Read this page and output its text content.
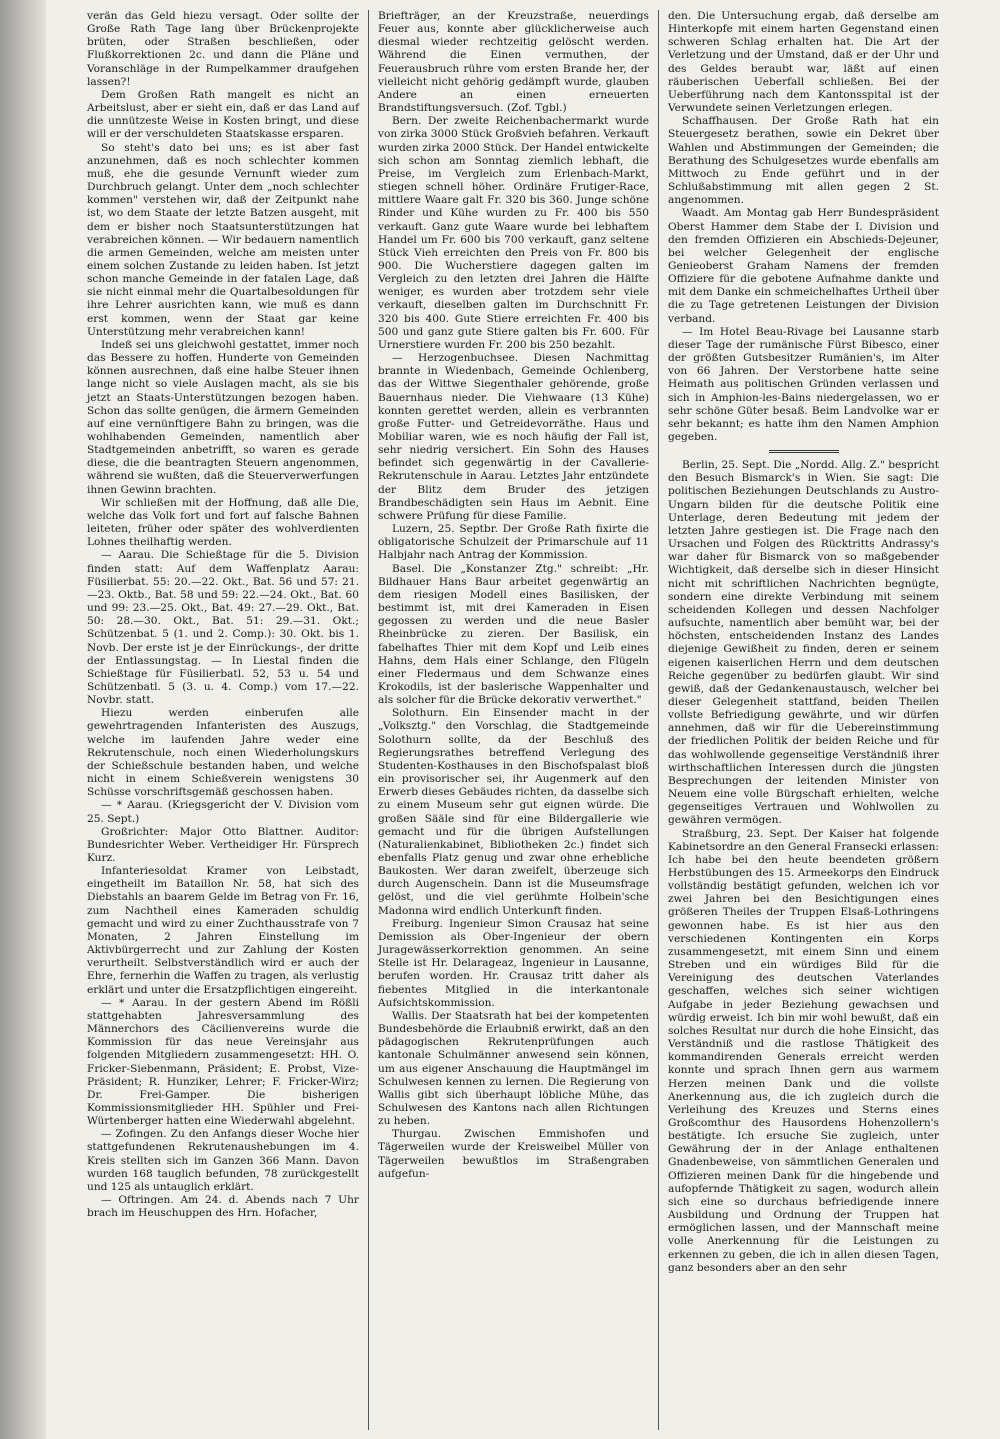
verän das Geld hiezu versagt. Oder sollte der Große Rath Tage lang über Brückenprojekte brüten, oder Straßen beschließen, oder Flußkorrektionen 2c. und dann die Pläne und Voranschläge in der Rumpelkammer draufgehen lassen?!

Dem Großen Rath mangelt es nicht an Arbeitslust, aber er sieht ein, daß er das Land auf die unnützeste Weise in Kosten bringt, und diese will er der verschuldeten Staatskasse ersparen.

So steht's dato bei uns; es ist aber fast anzunehmen, daß es noch schlechter kommen muß, ehe die gesunde Vernunft wieder zum Durchbruch gelangt. Unter dem „noch schlechter kommen" verstehen wir, daß der Zeitpunkt nahe ist, wo dem Staate der letzte Batzen ausgeht, mit dem er bisher noch Staatsunterstützungen hat verabreichen können. — Wir bedauern namentlich die armen Gemeinden, welche am meisten unter einem solchen Zustande zu leiden haben. Ist jetzt schon manche Gemeinde in der fatalen Lage, daß sie nicht einmal mehr die Quartalbesoldungen für ihre Lehrer ausrichten kann, wie muß es dann erst kommen, wenn der Staat gar keine Unterstützung mehr verabreichen kann!

Indeß sei uns gleichwohl gestattet, immer noch das Bessere zu hoffen. Hunderte von Gemeinden können ausrechnen, daß eine halbe Steuer ihnen lange nicht so viele Auslagen macht, als sie bis jetzt an Staats-Unterstützungen bezogen haben. Schon das sollte genügen, die ärmern Gemeinden auf eine vernünftigere Bahn zu bringen, was die wohlhabenden Gemeinden, namentlich aber Stadtgemeinden anbetrifft, so waren es gerade diese, die die beantragten Steuern angenommen, während sie wußten, daß die Steuerverwerfungen ihnen Gewinn brachten.

Wir schließen mit der Hoffnung, daß alle Die, welche das Volk fort und fort auf falsche Bahnen leiteten, früher oder später des wohlverdienten Lohnes theilhaftig werden.

— Aarau. Die Schießtage für die 5. Division finden statt: Auf dem Waffenplatz Aarau: Füsilierbat. 55: 20.—22. Okt., Bat. 56 und 57: 21.—23. Oktb., Bat. 58 und 59: 22.—24. Okt., Bat. 60 und 99: 23.—25. Okt., Bat. 49: 27.—29. Okt., Bat. 50: 28.—30. Okt., Bat. 51: 29.—31. Okt.; Schützenbat. 5 (1. und 2. Comp.): 30. Okt. bis 1. Novb. Der erste ist je der Einrückungs-, der dritte der Entlassungstag. — In Liestal finden die Schießtage für Füsilierbatl. 52, 53 u. 54 und Schützenbatl. 5 (3. u. 4. Comp.) vom 17.—22. Novbr. statt.

Hiezu werden einberufen alle gewehrtragenden Infanteristen des Auszugs, welche im laufenden Jahre weder eine Rekrutenschule, noch einen Wiederholungskurs der Schießschule bestanden haben, und welche nicht in einem Schießverein wenigstens 30 Schüsse vorschriftsgemäß geschossen haben.

— * Aarau. (Kriegsgericht der V. Division vom 25. Sept.)

Großrichter: Major Otto Blattner. Auditor: Bundesrichter Weber. Vertheidiger Hr. Fürsprech Kurz.

Infanteriesoldat Kramer von Leibstadt, eingetheilt im Bataillon Nr. 58, hat sich des Diebstahls an baarem Gelde im Betrag von Fr. 16, zum Nachtheil eines Kameraden schuldig gemacht und wird zu einer Zuchthausstrafe von 7 Monaten, 2 Jahren Einstellung im Aktivbürgerrecht und zur Zahlung der Kosten verurtheilt. Selbstverständlich wird er auch der Ehre, fernerhin die Waffen zu tragen, als verlustig erklärt und unter die Ersatzpflichtigen eingereiht.

— * Aarau. In der gestern Abend im Rößli stattgehabten Jahresversammlung des Männerchors des Cäcilienvereins wurde die Kommission für das neue Vereinsjahr aus folgenden Mitgliedern zusammengesetzt: HH. O. Fricker-Siebenmann, Präsident; E. Probst, Vize-Präsident; R. Hunziker, Lehrer; F. Fricker-Wirz; Dr. Frei-Gamper. Die bisherigen Kommissionsmitglieder HH. Spühler und Frei-Würtenberger hatten eine Wiederwahl abgelehnt.

— Zofingen. Zu den Anfangs dieser Woche hier stattgefundenen Rekrutenaushebungen im 4. Kreis stellten sich im Ganzen 366 Mann. Davon wurden 168 tauglich befunden, 78 zurückgestellt und 125 als untauglich erklärt.

— Oftringen. Am 24. d. Abends nach 7 Uhr brach im Heuschuppen des Hrn. Hofacher,

Briefträger, an der Kreuzstraße, neuerdings Feuer aus, konnte aber glücklicherweise auch diesmal wieder rechtzeitig gelöscht werden. Während die Einen vermuthen, der Feuerausbruch rühre vom ersten Brande her, der vielleicht nicht gehörig gedämpft wurde, glauben Andere an einen erneuerten Brandstiftungsversuch. (Zof. Tgbl.)

Bern. Der zweite Reichenbachermarkt wurde von zirka 3000 Stück Großvieh befahren. Verkauft wurden zirka 2000 Stück. Der Handel entwickelte sich schon am Sonntag ziemlich lebhaft, die Preise, im Vergleich zum Erlenbach-Markt, stiegen schnell höher. Ordinäre Frutiger-Race, mittlere Waare galt Fr. 320 bis 360. Junge schöne Rinder und Kühe wurden zu Fr. 400 bis 550 verkauft. Ganz gute Waare wurde bei lebhaftem Handel um Fr. 600 bis 700 verkauft, ganz seltene Stück Vieh erreichten den Preis von Fr. 800 bis 900. Die Wucherstiere dagegen galten im Vergleich zu den letzten drei Jahren die Hälfte weniger, es wurden aber trotzdem sehr viele verkauft, dieselben galten im Durchschnitt Fr. 320 bis 400. Gute Stiere erreichten Fr. 400 bis 500 und ganz gute Stiere galten bis Fr. 600. Für Urnerstiere wurden Fr. 200 bis 250 bezahlt.

— Herzogenbuchsee. Diesen Nachmittag brannte in Wiedenbach, Gemeinde Ochlenberg, das der Wittwe Siegenthaler gehörende, große Bauernhaus nieder. Die Viehwaare (13 Kühe) konnten gerettet werden, allein es verbrannten große Futter- und Getreidevorräthe. Haus und Mobiliar waren, wie es noch häufig der Fall ist, sehr niedrig versichert. Ein Sohn des Hauses befindet sich gegenwärtig in der Cavallerie-Rekrutenschule in Aarau. Letztes Jahr entzündete der Blitz dem Bruder des jetzigen Brandbeschädigten sein Haus im Aebnit. Eine schwere Prüfung für diese Familie.

Luzern, 25. Septbr. Der Große Rath fixirte die obligatorische Schulzeit der Primarschule auf 11 Halbjahr nach Antrag der Kommission.

Basel. Die „Konstanzer Ztg." schreibt: „Hr. Bildhauer Hans Baur arbeitet gegenwärtig an dem riesigen Modell eines Basilisken, der bestimmt ist, mit drei Kameraden in Eisen gegossen zu werden und die neue Basler Rheinbrücke zu zieren. Der Basilisk, ein fabelhaftes Thier mit dem Kopf und Leib eines Hahns, dem Hals einer Schlange, den Flügeln einer Fledermaus und dem Schwanze eines Krokodils, ist der baslerische Wappenhalter und als solcher für die Brücke dekorativ verwerthet."

Solothurn. Ein Einsender macht in der „Volksztg." den Vorschlag, die Stadtgemeinde Solothurn sollte, da der Beschluß des Regierungsrathes betreffend Verlegung des Studenten-Kosthauses in den Bischofspalast bloß ein provisorischer sei, ihr Augenmerk auf den Erwerb dieses Gebäudes richten, da dasselbe sich zu einem Museum sehr gut eignen würde. Die großen Sääle sind für eine Bildergallerie wie gemacht und für die übrigen Aufstellungen (Naturalienkabinet, Bibliotheken 2c.) findet sich ebenfalls Platz genug und zwar ohne erhebliche Baukosten. Wer daran zweifelt, überzeuge sich durch Augenschein. Dann ist die Museumsfrage gelöst, und die viel gerühmte Holbein'sche Madonna wird endlich Unterkunft finden.

Freiburg. Ingenieur Simon Crausaz hat seine Demission als Ober-Ingenieur der obern Juragewässerkorrektion genommen. An seine Stelle ist Hr. Delarageaz, Ingenieur in Lausanne, berufen worden. Hr. Crausaz tritt daher als fiebentes Mitglied in die interkantonale Aufsichtskommission.

Wallis. Der Staatsrath hat bei der kompetenten Bundesbehörde die Erlaubniß erwirkt, daß an den pädagogischen Rekrutenprüfungen auch kantonale Schulmänner anwesend sein können, um aus eigener Anschauung die Hauptmängel im Schulwesen kennen zu lernen. Die Regierung von Wallis gibt sich überhaupt löbliche Mühe, das Schulwesen des Kantons nach allen Richtungen zu heben.

Thurgau. Zwischen Emmishofen und Tägerweilen wurde der Kreisweibel Müller von Tägerweilen bewußtlos im Straßengraben aufgefun-

den. Die Untersuchung ergab, daß derselbe am Hinterkopfe mit einem harten Gegenstand einen schweren Schlag erhalten hat. Die Art der Verletzung und der Umstand, daß er der Uhr und des Geldes beraubt war, läßt auf einen räuberischen Ueberfall schließen. Bei der Ueberführung nach dem Kantonsspital ist der Verwundete seinen Verletzungen erlegen.

Schaffhausen. Der Große Rath hat ein Steuergesetz berathen, sowie ein Dekret über Wahlen und Abstimmungen der Gemeinden; die Berathung des Schulgesetzes wurde ebenfalls am Mittwoch zu Ende geführt und in der Schlußabstimmung mit allen gegen 2 St. angenommen.

Waadt. Am Montag gab Herr Bundespräsident Oberst Hammer dem Stabe der I. Division und den fremden Offizieren ein Abschieds-Dejeuner, bei welcher Gelegenheit der englische Genieoberst Graham Namens der fremden Offiziere für die gebotene Aufnahme dankte und mit dem Danke ein schmeichelhaftes Urtheil über die zu Tage getretenen Leistungen der Division verband.

— Im Hotel Beau-Rivage bei Lausanne starb dieser Tage der rumänische Fürst Bibesco, einer der größten Gutsbesitzer Rumänien's, im Alter von 66 Jahren. Der Verstorbene hatte seine Heimath aus politischen Gründen verlassen und sich in Amphion-les-Bains niedergelassen, wo er sehr schöne Güter besaß. Beim Landvolke war er sehr bekannt; es hatte ihm den Namen Amphion gegeben.

Berlin, 25. Sept. Die „Nordd. Allg. Z." bespricht den Besuch Bismarck's in Wien. Sie sagt: Die politischen Beziehungen Deutschlands zu Austro-Ungarn bilden für die deutsche Politik eine Unterlage, deren Bedeutung mit jedem der letzten Jahre gestiegen ist. Die Frage nach den Ursachen und Folgen des Rücktritts Andrassy's war daher für Bismarck von so maßgebender Wichtigkeit, daß derselbe sich in dieser Hinsicht nicht mit schriftlichen Nachrichten begnügte, sondern eine direkte Verbindung mit seinem scheidenden Kollegen und dessen Nachfolger aufsuchte, namentlich aber bemüht war, bei der höchsten, entscheidenden Instanz des Landes diejenige Gewißheit zu finden, deren er seinem eigenen kaiserlichen Herrn und dem deutschen Reiche gegenüber zu bedürfen glaubt. Wir sind gewiß, daß der Gedankenaustausch, welcher bei dieser Gelegenheit stattfand, beiden Theilen vollste Befriedigung gewährte, und wir dürfen annehmen, daß wir für die Uebereinstimmung der friedlichen Politik der beiden Reiche und für das wohlwollende gegenseitige Verständniß ihrer wirthschaftlichen Interessen durch die jüngsten Besprechungen der leitenden Minister von Neuem eine volle Bürgschaft erhielten, welche gegenseitiges Vertrauen und Wohlwollen zu gewähren vermögen.

Straßburg, 23. Sept. Der Kaiser hat folgende Kabinetsordre an den General Fransecki erlassen: Ich habe bei den heute beendeten größern Herbstübungen des 15. Armeekorps den Eindruck vollständig bestätigt gefunden, welchen ich vor zwei Jahren bei den Besichtigungen eines größeren Theiles der Truppen Elsaß-Lothringens gewonnen habe. Es ist hier aus den verschiedenen Kontingenten ein Korps zusammengesetzt, mit einem Sinn und einem Streben und ein würdiges Bild für die Vereinigung des deutschen Vaterlandes geschaffen, welches sich seiner wichtigen Aufgabe in jeder Beziehung gewachsen und würdig erweist. Ich bin mir wohl bewußt, daß ein solches Resultat nur durch die hohe Einsicht, das Verständniß und die rastlose Thätigkeit des kommandirenden Generals erreicht werden konnte und sprach Ihnen gern aus warmem Herzen meinen Dank und die vollste Anerkennung aus, die ich zugleich durch die Verleihung des Kreuzes und Sterns eines Großcomthur des Hausordens Hohenzollern's bestätigte. Ich ersuche Sie zugleich, unter Gewährung der in der Anlage enthaltenen Gnadenbeweise, von sämmtlichen Generalen und Offizieren meinen Dank für die hingebende und aufopfernde Thätigkeit zu sagen, wodurch allein sich eine so durchaus befriedigende innere Ausbildung und Ordnung der Truppen hat ermöglichen lassen, und der Mannschaft meine volle Anerkennung für die Leistungen zu erkennen zu geben, die ich in allen diesen Tagen, ganz besonders aber an den sehr
